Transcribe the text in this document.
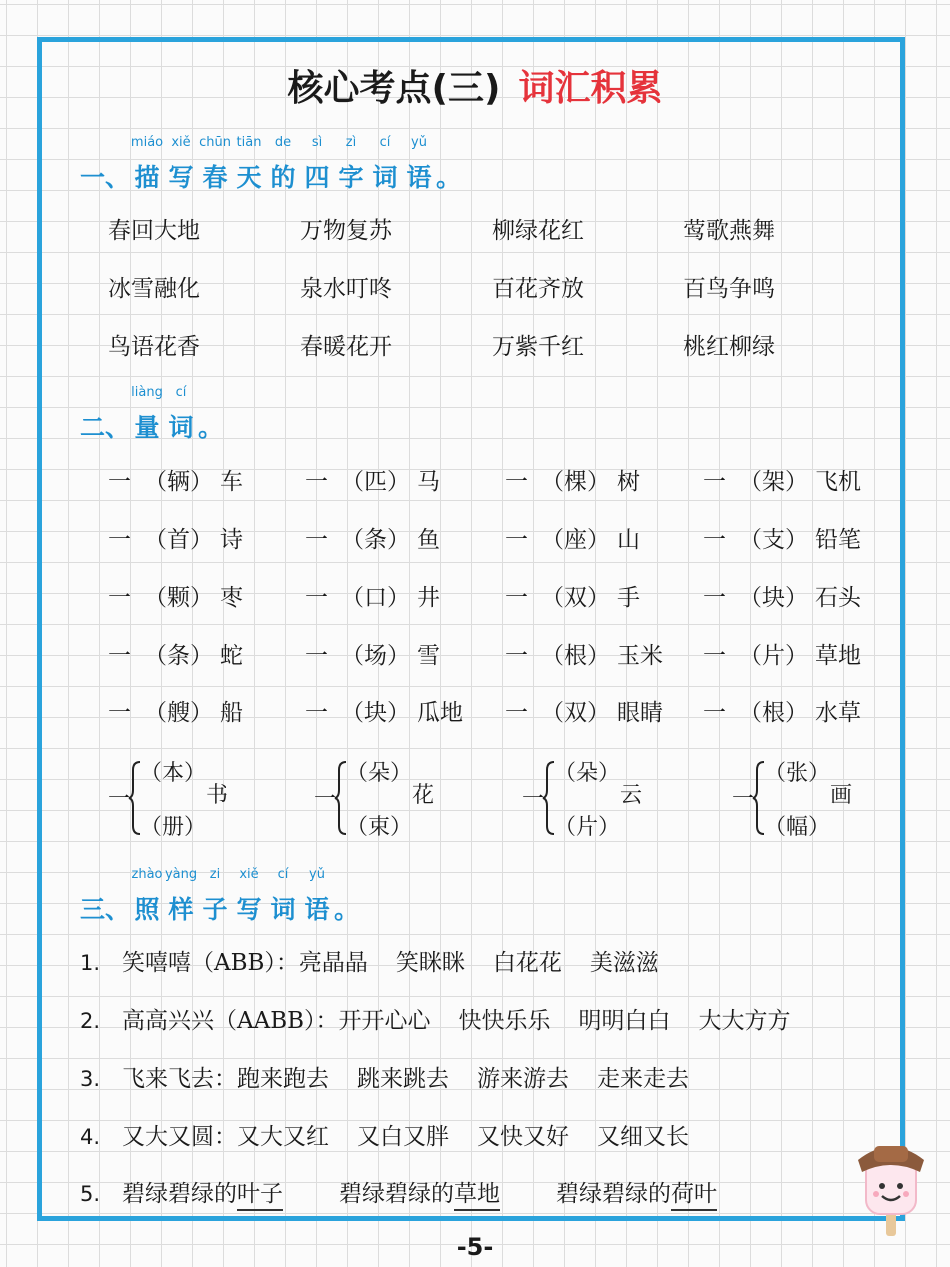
核心考点(三) 词汇积累
一、
miáo
描
xiě
写
chūn
春
tiān
天
de
的
sì
四
zì
字
cí
词
yǔ
语 。
二、
liàng
量
cí
词 。
三、
zhào
照
yàng
样
zi
子
xiě
写
cí
词
yǔ
语 。
春回大地	万物复苏	柳绿花红	莺歌燕舞
冰雪融化	泉水叮咚	百花齐放	百鸟争鸣
鸟语花香	春暖花开	万紫千红	桃红柳绿
一 （辆） 车	一 （匹） 马	一 （棵） 树	一 （架） 飞机
一 （首） 诗	一 （条） 鱼	一 （座） 山	一 （支） 铅笔
一 （颗） 枣	一 （口） 井	一 （双） 手	一 （块） 石头
一 （条） 蛇	一 （场） 雪	一 （根） 玉米 一 （片） 草地
一 （艘） 船	一 （块） 瓜地 一 （双） 眼睛 一 （根） 水草
一
（本）
（册）
书	一
（朵）
（束）
花	一
（朵）
（片）
云	一
（张）
（幅）
画
1. 笑嘻嘻（ABB）：亮晶晶 笑眯眯 白花花 美滋滋
2. 高高兴兴（AABB）：开开心心 快快乐乐 明明白白 大大方方
3. 飞来飞去：跑来跑去 跳来跳去 游来游去 走来走去
4. 又大又圆：又大又红 又白又胖 又快又好 又细又长
5. 碧绿碧绿的叶子 碧绿碧绿的草地 碧绿碧绿的荷叶
-5-
